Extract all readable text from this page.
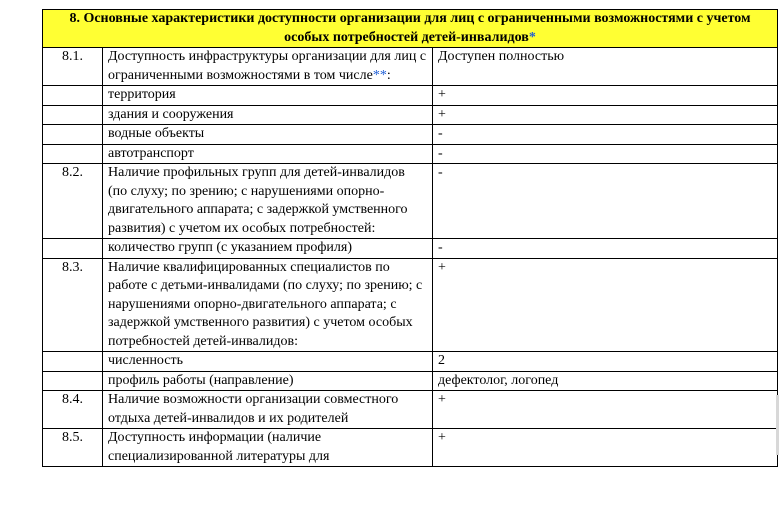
8. Основные характеристики доступности организации для лиц с ограниченными возможностями с учетом особых потребностей детей-инвалидов*		
8.1.	Доступность инфраструктуры организации для лиц с ограниченными возможностями в том числе**:	Доступен полностью
	территория	+
	здания и сооружения	+
	водные объекты	-
	автотранспорт	-
8.2.	Наличие профильных групп для детей-инвалидов (по слуху; по зрению; с нарушениями опорно-двигательного аппарата; с задержкой умственного развития) с учетом их особых потребностей:	-
	количество групп (с указанием профиля)	-
8.3.	Наличие квалифицированных специалистов по работе с детьми-инвалидами (по слуху; по зрению; с нарушениями опорно-двигательного аппарата; с задержкой умственного развития) с учетом особых потребностей детей-инвалидов:	+
	численность	2
	профиль работы (направление)	дефектолог, логопед
8.4.	Наличие возможности организации совместного отдыха детей-инвалидов и их родителей	+
8.5.	Доступность информации (наличие специализированной литературы для	+
